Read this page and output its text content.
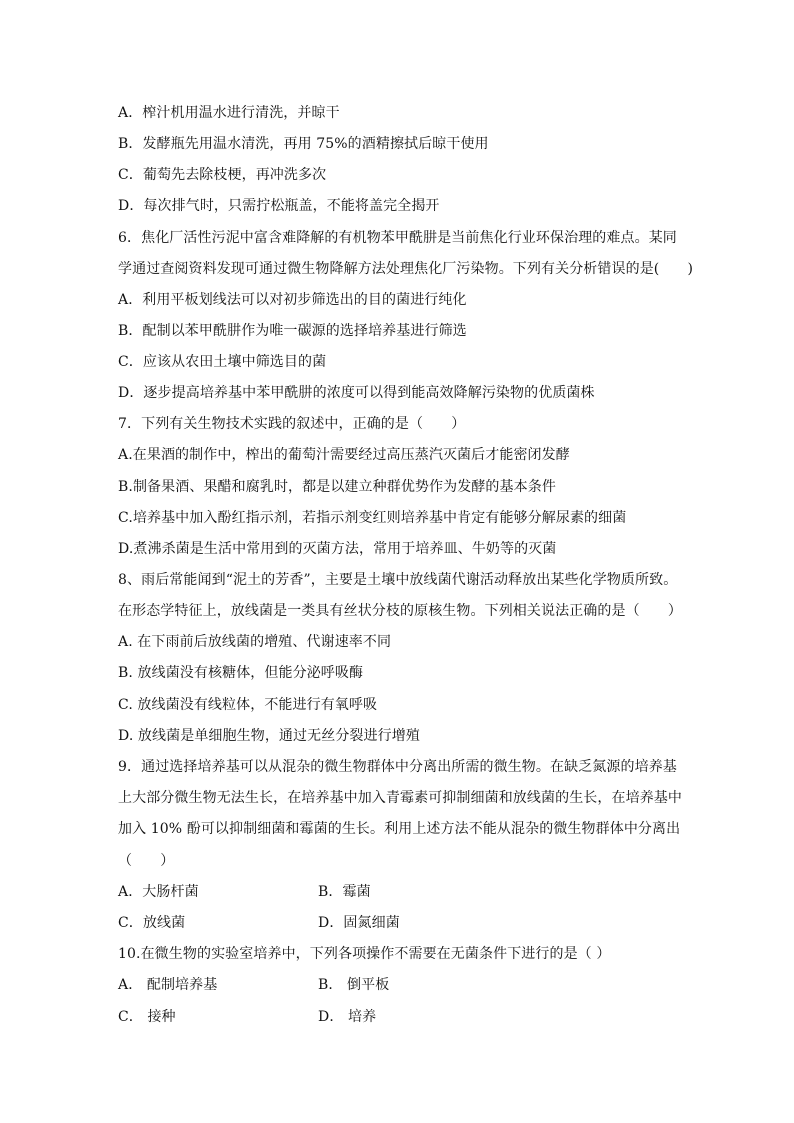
A．榨汁机用温水进行清洗，并晾干
B．发酵瓶先用温水清洗，再用 75%的酒精擦拭后晾干使用
C．葡萄先去除枝梗，再冲洗多次
D．每次排气时，只需拧松瓶盖，不能将盖完全揭开
6．焦化厂活性污泥中富含难降解的有机物苯甲酰肼是当前焦化行业环保治理的难点。某同
学通过查阅资料发现可通过微生物降解方法处理焦化厂污染物。下列有关分析错误的是(　　)
A．利用平板划线法可以对初步筛选出的目的菌进行纯化
B．配制以苯甲酰肼作为唯一碳源的选择培养基进行筛选
C．应该从农田土壤中筛选目的菌
D．逐步提高培养基中苯甲酰肼的浓度可以得到能高效降解污染物的优质菌株
7．下列有关生物技术实践的叙述中，正确的是（　　）
A.在果酒的制作中，榨出的葡萄汁需要经过高压蒸汽灭菌后才能密闭发酵
B.制备果酒、果醋和腐乳时，都是以建立种群优势作为发酵的基本条件
C.培养基中加入酚红指示剂，若指示剂变红则培养基中肯定有能够分解尿素的细菌
D.煮沸杀菌是生活中常用到的灭菌方法，常用于培养皿、牛奶等的灭菌
8、雨后常能闻到“泥土的芳香”，主要是土壤中放线菌代谢活动释放出某些化学物质所致。
在形态学特征上，放线菌是一类具有丝状分枝的原核生物。下列相关说法正确的是（　　）
A. 在下雨前后放线菌的增殖、代谢速率不同
B. 放线菌没有核糖体，但能分泌呼吸酶
C. 放线菌没有线粒体，不能进行有氧呼吸
D. 放线菌是单细胞生物，通过无丝分裂进行增殖
9．通过选择培养基可以从混杂的微生物群体中分离出所需的微生物。在缺乏氮源的培养基
上大部分微生物无法生长，在培养基中加入青霉素可抑制细菌和放线菌的生长，在培养基中
加入 10% 酚可以抑制细菌和霉菌的生长。利用上述方法不能从混杂的微生物群体中分离出
（　　）
A．大肠杆菌	B．霉菌
C．放线菌	D．固氮细菌
10.在微生物的实验室培养中，下列各项操作不需要在无菌条件下进行的是（ ）
A． 配制培养基	B． 倒平板
C． 接种	D． 培养
